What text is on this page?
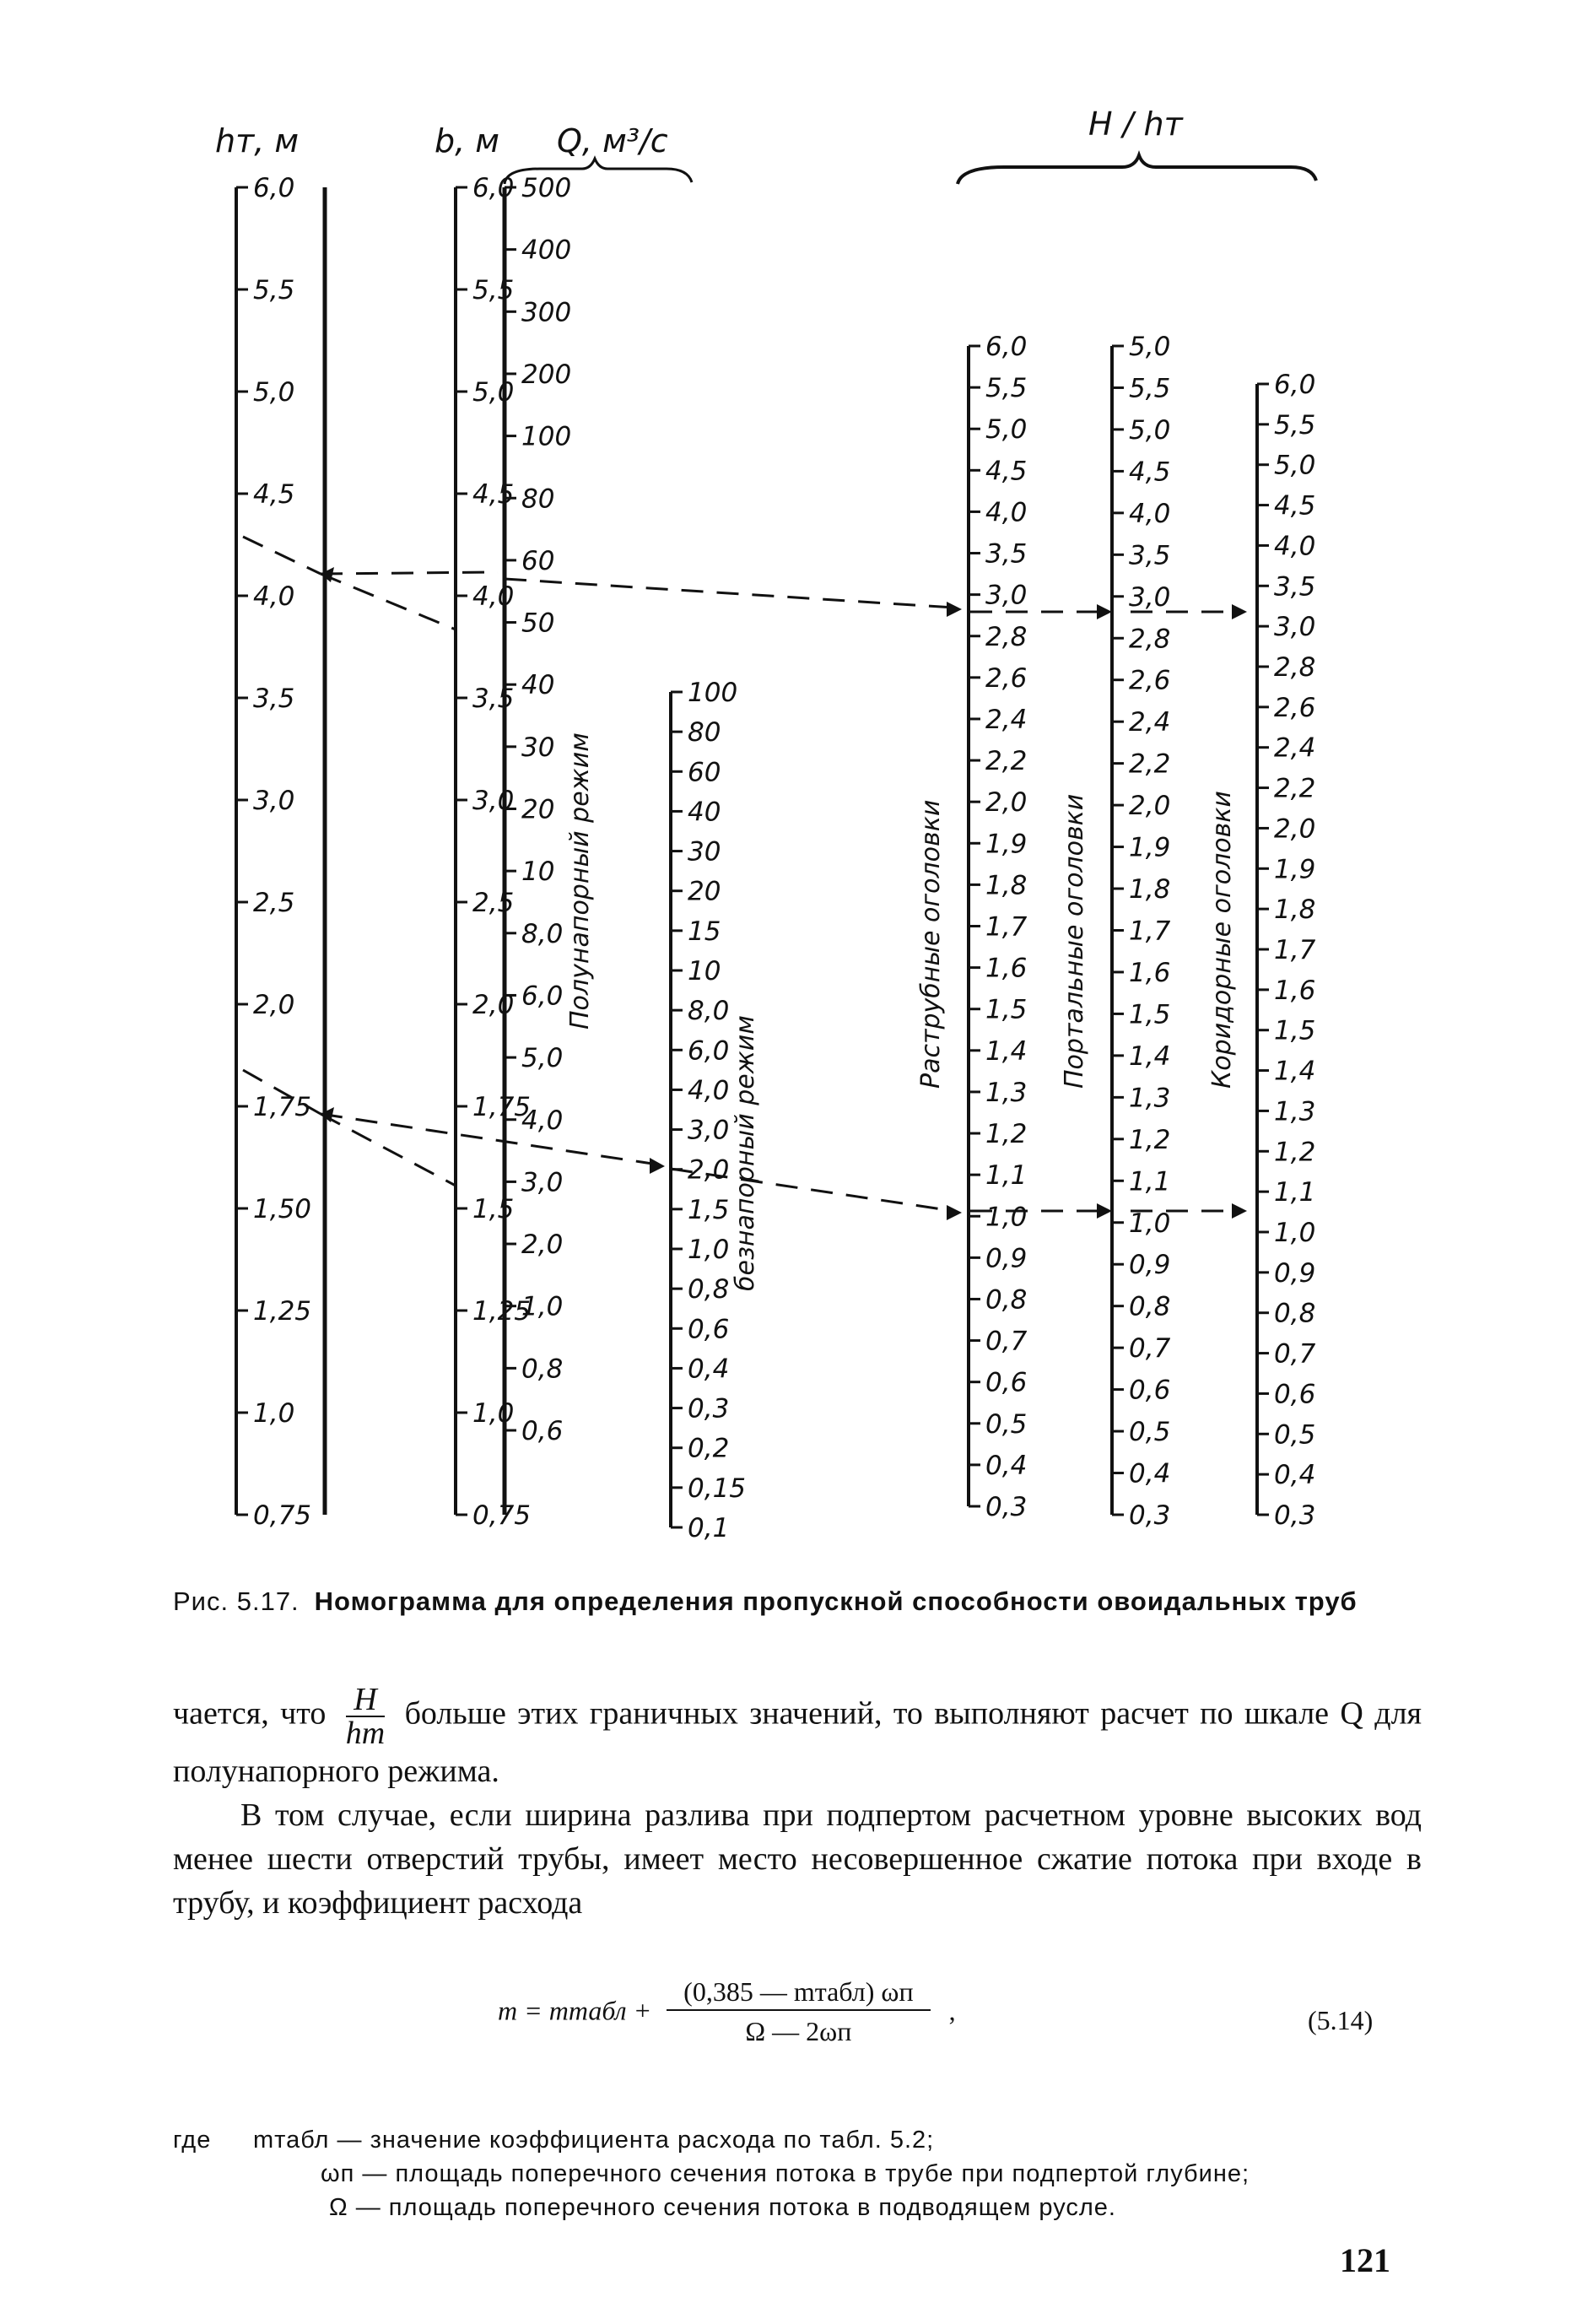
hт, м	b, м Q, м³/c	H / hт
Полунапорный режим
безнапорный режим
Раструбные оголовки	Портальные оголовки	Коридорные оголовки
6,0
5,5
5,0
4,5
4,0
3,5
3,0
2,5
2,0
1,75
1,50
1,25
1,0
0,75
6,0
5,5
5,0
4,5
4,0
3,5
3,0
2,5
2,0
1,75
1,5
1,25
1,0
0,75
500
400
300
200
100
80
60
50
40
30
20
10
8,0
6,0
5,0
4,0
3,0
2,0
1,0
0,8
0,6
100
80
60
40
30
20
15
10
8,0
6,0
4,0
3,0
2,0
1,5
1,0
0,8
0,6
0,4
0,3
0,2
0,15
0,1
6,0
5,5
5,0
4,5
4,0
3,5
3,0
2,8
2,6
2,4
2,2
2,0
1,9
1,8
1,7
1,6
1,5
1,4
1,3
1,2
1,1
1,0
0,9
0,8
0,7
0,6
0,5
0,4
0,3
5,0
5,5
5,0
4,5
4,0
3,5
3,0
2,8
2,6
2,4
2,2
2,0
1,9
1,8
1,7
1,6
1,5
1,4
1,3
1,2
1,1
1,0
0,9
0,8
0,7
0,6
0,5
0,4
0,3
6,0
5,5
5,0
4,5
4,0
3,5
3,0
2,8
2,6
2,4
2,2
2,0
1,9
1,8
1,7
1,6
1,5
1,4
1,3
1,2
1,1
1,0
0,9
0,8
0,7
0,6
0,5
0,4
0,3
Рис. 5.17. Номограмма для определения пропускной способности овоидальных труб
чается, что $\frac{H}{hт}$ больше этих граничных значений, то выполняют расчет по шкале Q для полунапорного режима.
В том случае, если ширина разлива при подпертом расчетном уровне высоких вод менее шести отверстий трубы, имеет место несовершенное сжатие потока при входе в трубу, и коэффициент расхода
m = mтабл +
(0,385 — mтабл) ωп
Ω — 2ωп
,	(5.14)
где mтабл — значение коэффициента расхода по табл. 5.2;
ωп — площадь поперечного сечения потока в трубе при подпертой глубине;
Ω — площадь поперечного сечения потока в подводящем русле.
121
